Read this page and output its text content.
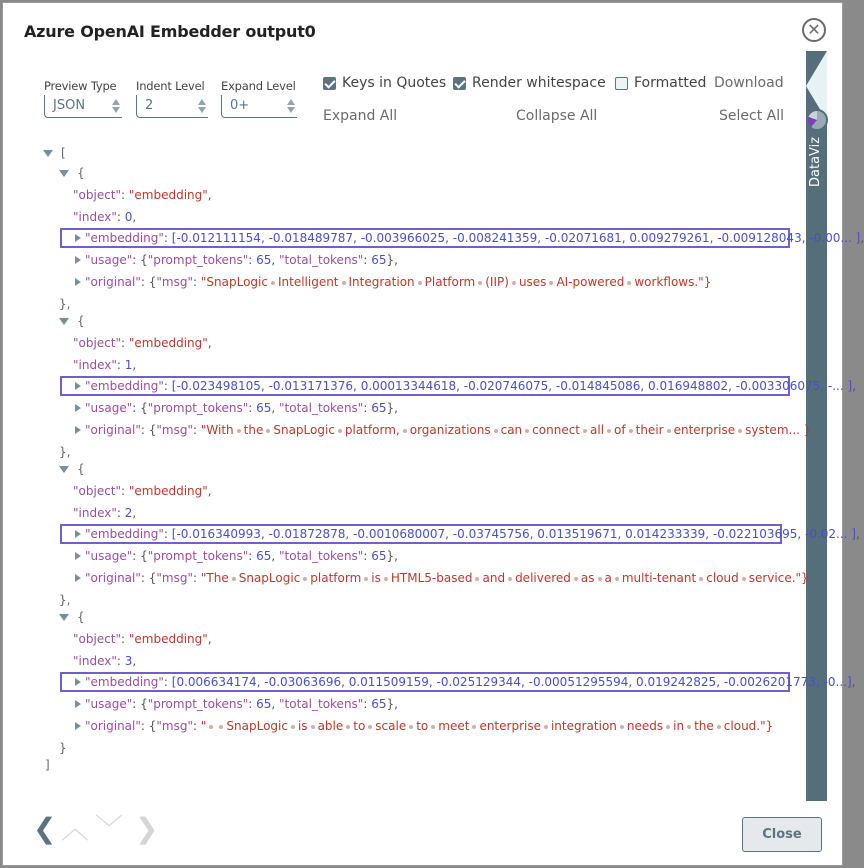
Azure OpenAI Embedder output0	✕
Preview Type
JSON
Indent Level
2
Expand Level
0+
Keys in Quotes Render whitespace Formatted Download
Expand All	Collapse All	Select All
DataViz
[
{
"object": "embedding",
"index": 0,
"embedding": [-0.012111154, -0.018489787, -0.003966025, -0.008241359, -0.02071681, 0.009279261, -0.009128043, -0.00... ],
"usage": {"prompt_tokens": 65, "total_tokens": 65},
"original": {"msg": "SnapLogic Intelligent Integration Platform (IIP) uses AI-powered workflows."}
},
{
"object": "embedding",
"index": 1,
"embedding": [-0.023498105, -0.013171376, 0.00013344618, -0.020746075, -0.014845086, 0.016948802, -0.003306075, -... ],
"usage": {"prompt_tokens": 65, "total_tokens": 65},
"original": {"msg": "With the SnapLogic platform, organizations can connect all of their enterprise system... }
},
{
"object": "embedding",
"index": 2,
"embedding": [-0.016340993, -0.01872878, -0.0010680007, -0.03745756, 0.013519671, 0.014233339, -0.022103695, -0.02... ],
"usage": {"prompt_tokens": 65, "total_tokens": 65},
"original": {"msg": "The SnapLogic platform is HTML5-based and delivered as a multi-tenant cloud service."}
},
{
"object": "embedding",
"index": 3,
"embedding": [0.006634174, -0.03063696, 0.011509159, -0.025129344, -0.00051295594, 0.019242825, -0.0026201773, -0...],
"usage": {"prompt_tokens": 65, "total_tokens": 65},
"original": {"msg": " SnapLogic is able to scale to meet enterprise integration needs in the cloud."}
}
]
❮ ︿ ﹀ ❯	Close
